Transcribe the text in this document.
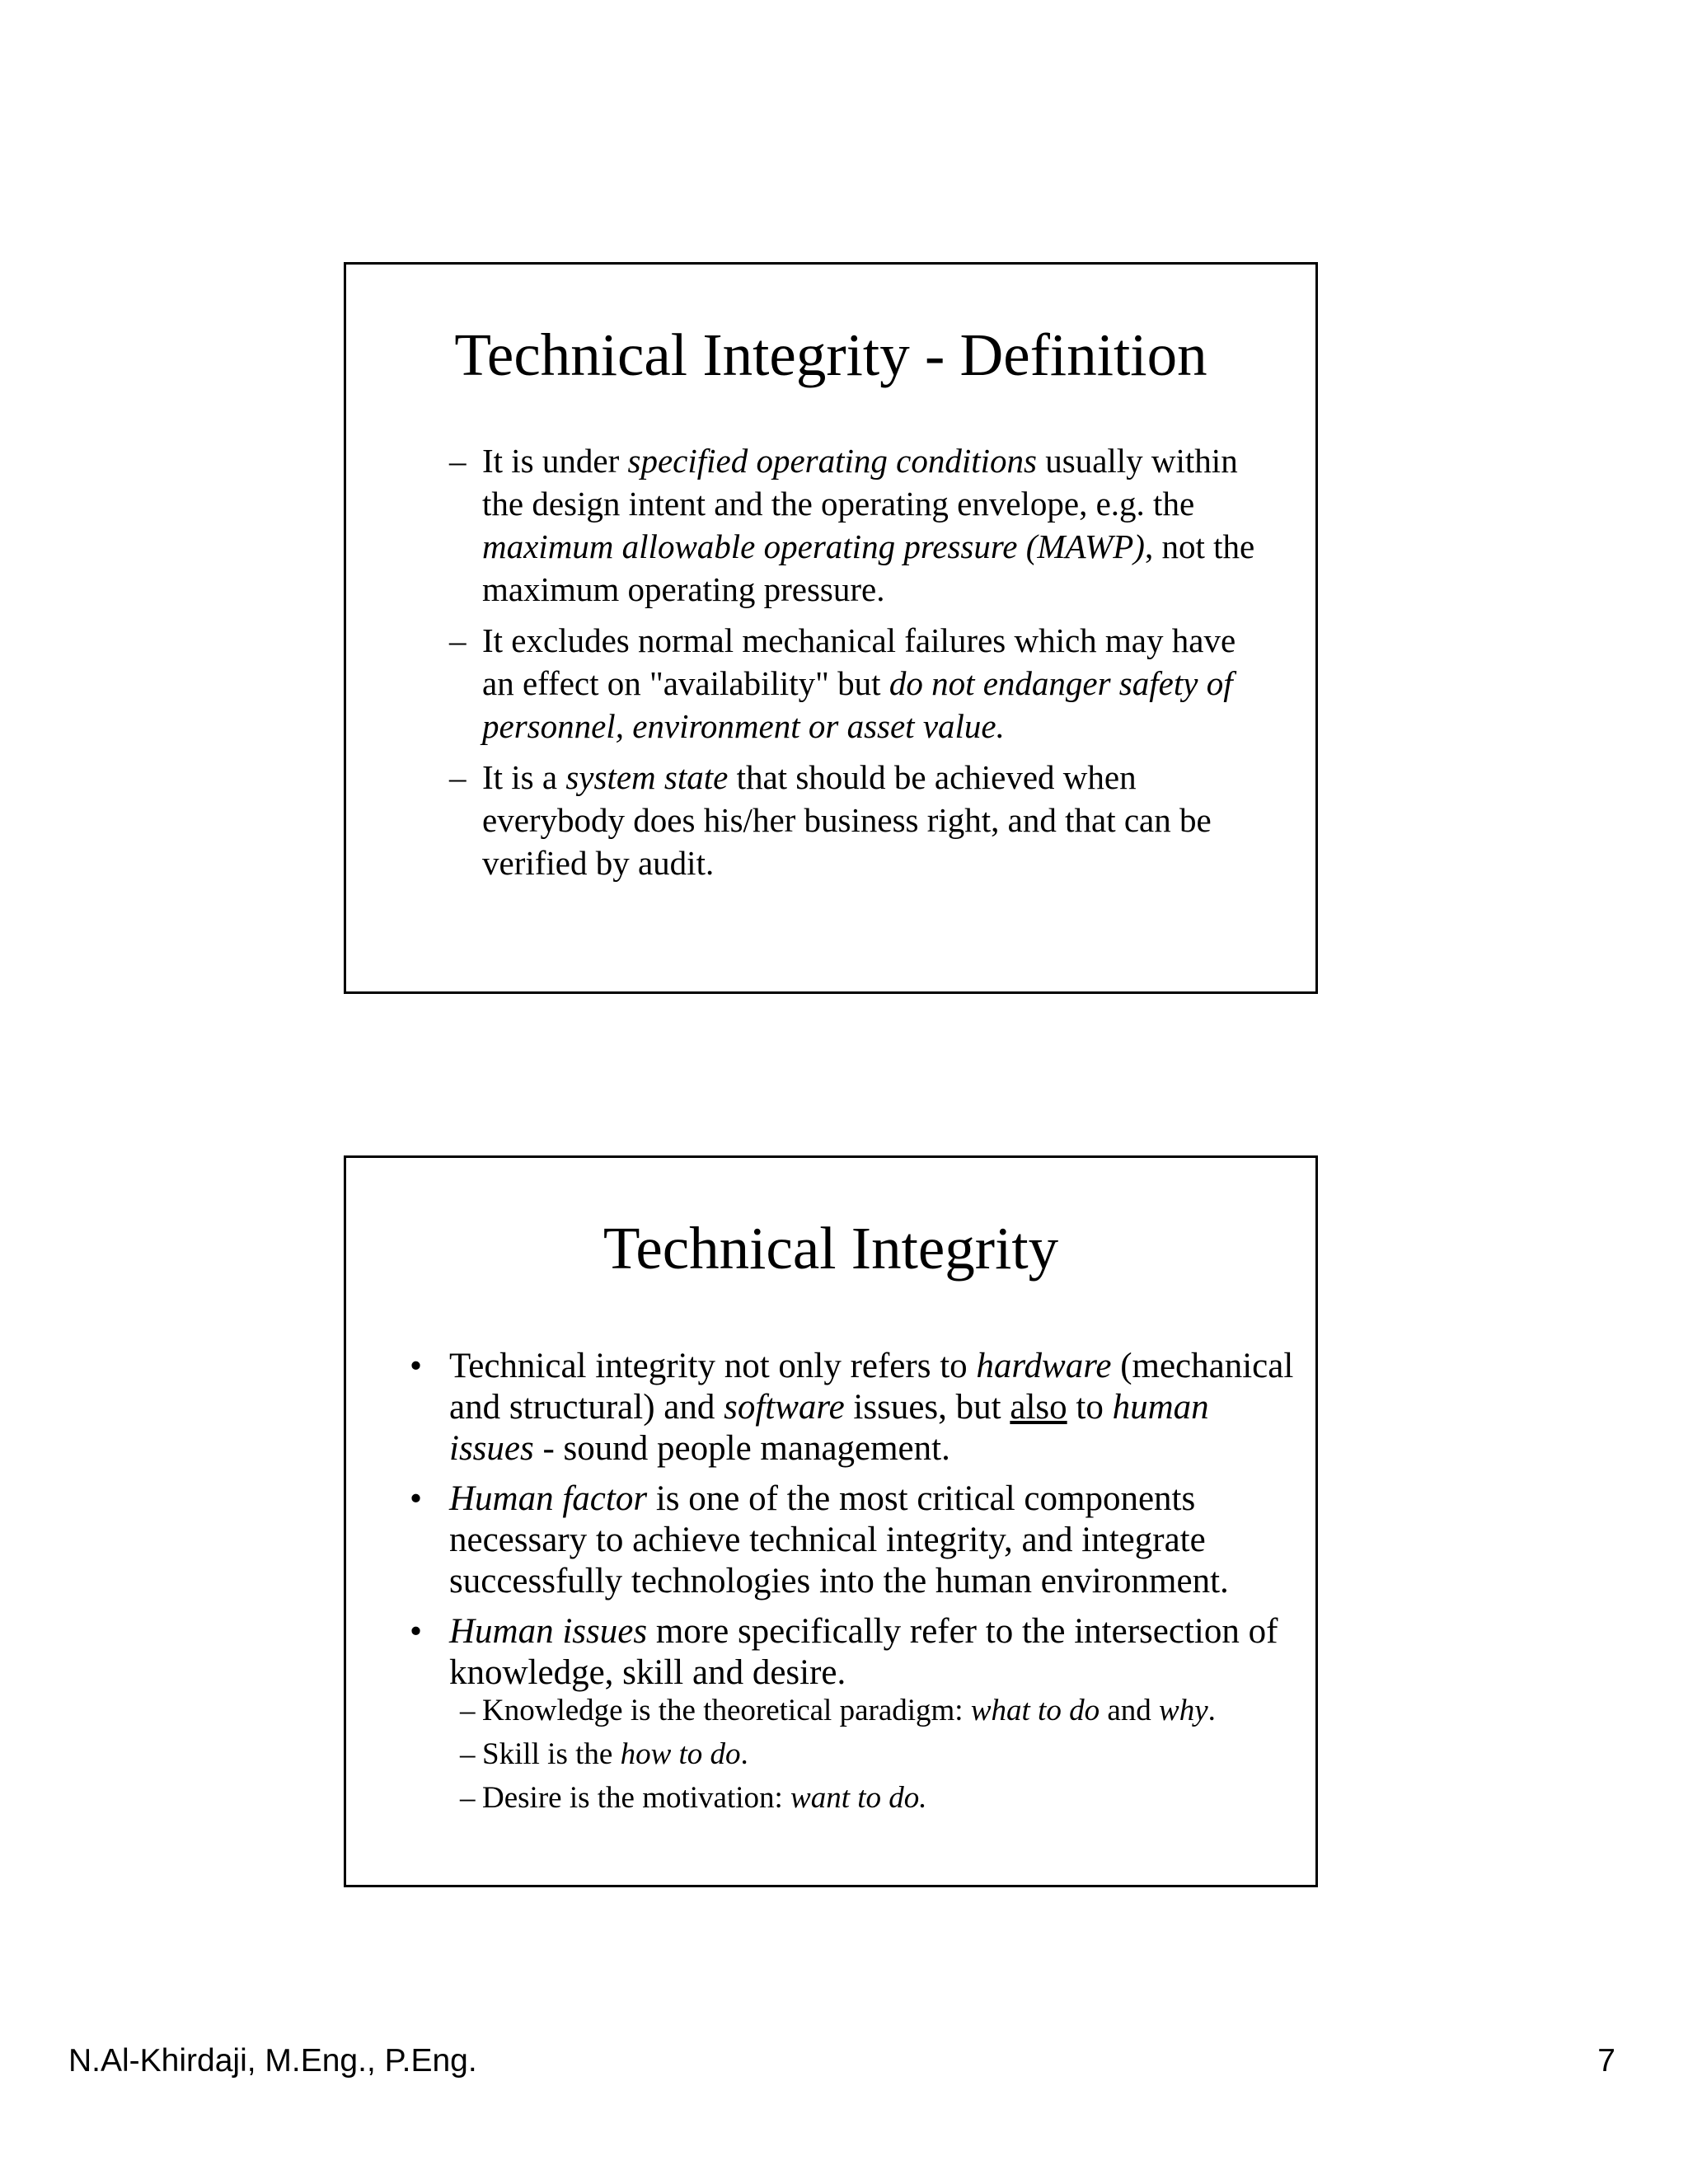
Technical Integrity - Definition
– It is under specified operating conditions usually within the design intent and the operating envelope, e.g. the maximum allowable operating pressure (MAWP), not the maximum operating pressure.
– It excludes normal mechanical failures which may have an effect on "availability" but do not endanger safety of personnel, environment or asset value.
– It is a system state that should be achieved when everybody does his/her business right, and that can be verified by audit.
Technical Integrity
• Technical integrity not only refers to hardware (mechanical and structural) and software issues, but also to human issues - sound people management.
• Human factor is one of the most critical components necessary to achieve technical integrity, and integrate successfully technologies into the human environment.
• Human issues more specifically refer to the intersection of knowledge, skill and desire.
– Knowledge is the theoretical paradigm: what to do and why.
– Skill is the how to do.
– Desire is the motivation: want to do.
N.Al-Khirdaji, M.Eng., P.Eng.	7
